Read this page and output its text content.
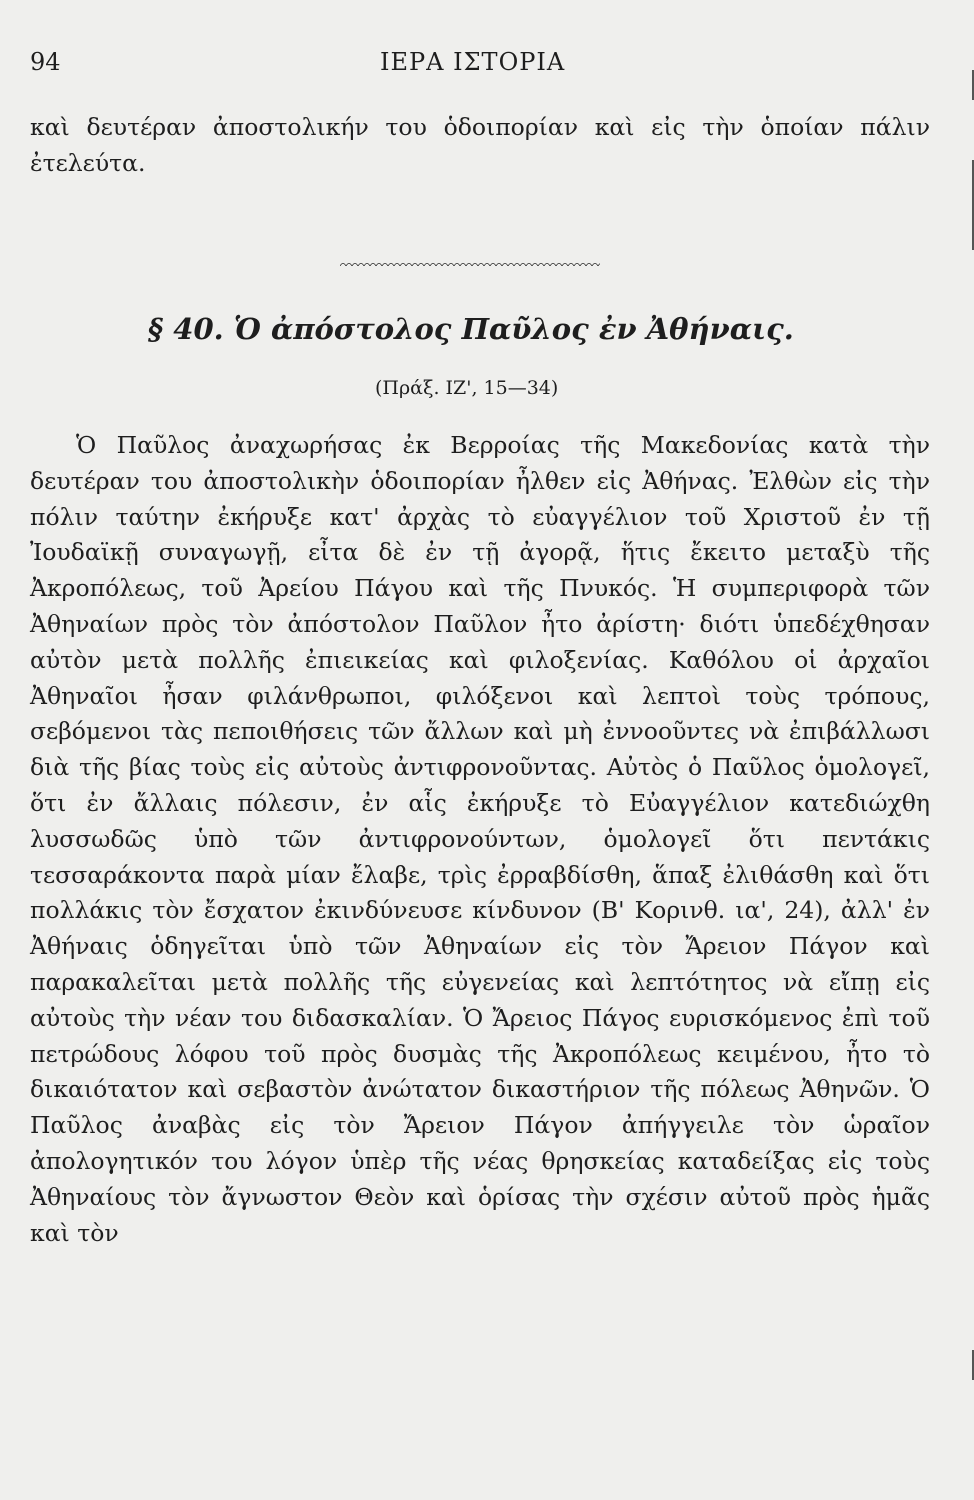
94	ΙΕΡΑ ΙΣΤΟΡΙΑ

καὶ δευτέραν ἀποστολικήν του ὁδοιπορίαν καὶ εἰς τὴν ὁποίαν πάλιν ἐτελεύτα.

§ 40. Ὁ ἀπόστολος Παῦλος ἐν Ἀθήναις.
(Πράξ. ΙΖ', 15—34)

Ὁ Παῦλος ἀναχωρήσας ἐκ Βερροίας τῆς Μακεδονίας κατὰ τὴν δευτέραν του ἀποστολικὴν ὁδοιπορίαν ἦλθεν εἰς Ἀθήνας. Ἐλθὼν εἰς τὴν πόλιν ταύτην ἐκήρυξε κατ' ἀρχὰς τὸ εὐαγγέλιον τοῦ Χριστοῦ ἐν τῇ Ἰουδαϊκῇ συναγωγῇ, εἶτα δὲ ἐν τῇ ἀγορᾷ, ἥτις ἔκειτο μεταξὺ τῆς Ἀκροπόλεως, τοῦ Ἀρείου Πάγου καὶ τῆς Πνυκός. Ἡ συμπεριφορὰ τῶν Ἀθηναίων πρὸς τὸν ἀπόστολον Παῦλον ἦτο ἀρίστη· διότι ὑπεδέχθησαν αὐτὸν μετὰ πολλῆς ἐπιεικείας καὶ φιλοξενίας. Καθόλου οἱ ἀρχαῖοι Ἀθηναῖοι ἦσαν φιλάνθρωποι, φιλόξενοι καὶ λεπτοὶ τοὺς τρόπους, σεβόμενοι τὰς πεποιθήσεις τῶν ἄλλων καὶ μὴ ἐννοοῦντες νὰ ἐπιβάλλωσι διὰ τῆς βίας τοὺς εἰς αὐτοὺς ἀντιφρονοῦντας. Αὐτὸς ὁ Παῦλος ὁμολογεῖ, ὅτι ἐν ἄλλαις πόλεσιν, ἐν αἷς ἐκήρυξε τὸ Εὐαγγέλιον κατεδιώχθη λυσσωδῶς ὑπὸ τῶν ἀντιφρονούντων, ὁμολογεῖ ὅτι πεντάκις τεσσαράκοντα παρὰ μίαν ἔλαβε, τρὶς ἐρραβδίσθη, ἅπαξ ἐλιθάσθη καὶ ὅτι πολλάκις τὸν ἔσχατον ἐκινδύνευσε κίνδυνον (Β' Κορινθ. ια', 24), ἀλλ' ἐν Ἀθήναις ὁδηγεῖται ὑπὸ τῶν Ἀθηναίων εἰς τὸν Ἄρειον Πάγον καὶ παρακαλεῖται μετὰ πολλῆς τῆς εὐγενείας καὶ λεπτότητος νὰ εἴπῃ εἰς αὐτοὺς τὴν νέαν του διδασκαλίαν. Ὁ Ἄρειος Πάγος ευρισκόμενος ἐπὶ τοῦ πετρώδους λόφου τοῦ πρὸς δυσμὰς τῆς Ἀκροπόλεως κειμένου, ἦτο τὸ δικαιότατον καὶ σεβαστὸν ἀνώτατον δικαστήριον τῆς πόλεως Ἀθηνῶν. Ὁ Παῦλος ἀναβὰς εἰς τὸν Ἄρειον Πάγον ἀπήγγειλε τὸν ὡραῖον ἀπολογητικόν του λόγον ὑπὲρ τῆς νέας θρησκείας καταδείξας εἰς τοὺς Ἀθηναίους τὸν ἄγνωστον Θεὸν καὶ ὁρίσας τὴν σχέσιν αὐτοῦ πρὸς ἡμᾶς καὶ τὸν
